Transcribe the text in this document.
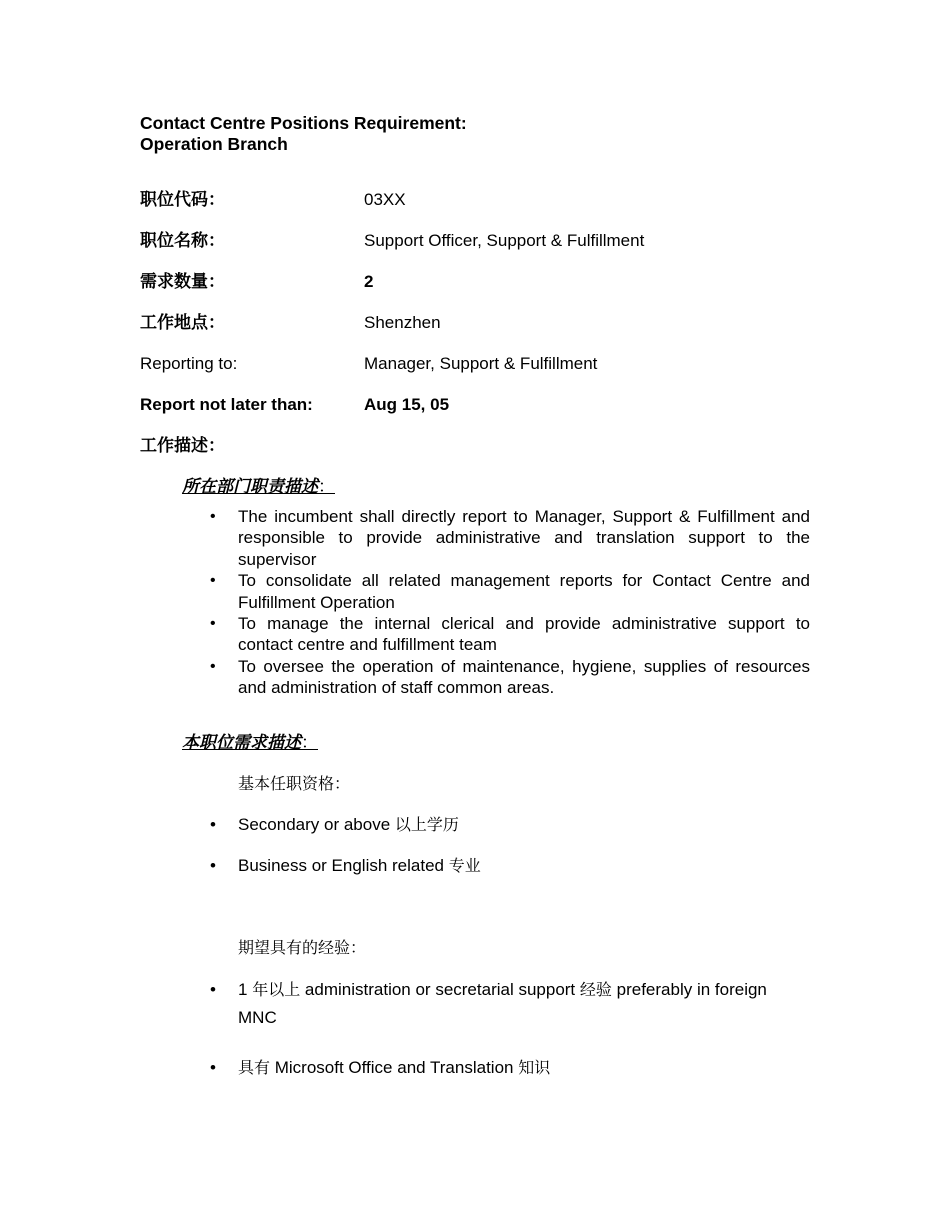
Contact Centre Positions Requirement:
Operation Branch
职位代码：	03XX
职位名称：	Support Officer, Support & Fulfillment
需求数量：	2
工作地点：	Shenzhen
Reporting to:	Manager, Support & Fulfillment
Report not later than:	Aug 15, 05
工作描述：
所在部门职责描述：
• The incumbent shall directly report to Manager, Support & Fulfillment and responsible to provide administrative and translation support to the supervisor
• To consolidate all related management reports for Contact Centre and Fulfillment Operation
• To manage the internal clerical and provide administrative support to contact centre and fulfillment team
• To oversee the operation of maintenance, hygiene, supplies of resources and administration of staff common areas.
本职位需求描述：
基本任职资格：
• Secondary or above 以上学历
• Business or English related 专业
期望具有的经验：
• 1 年以上 administration or secretarial support 经验 preferably in foreign MNC
• 具有 Microsoft Office and Translation 知识
